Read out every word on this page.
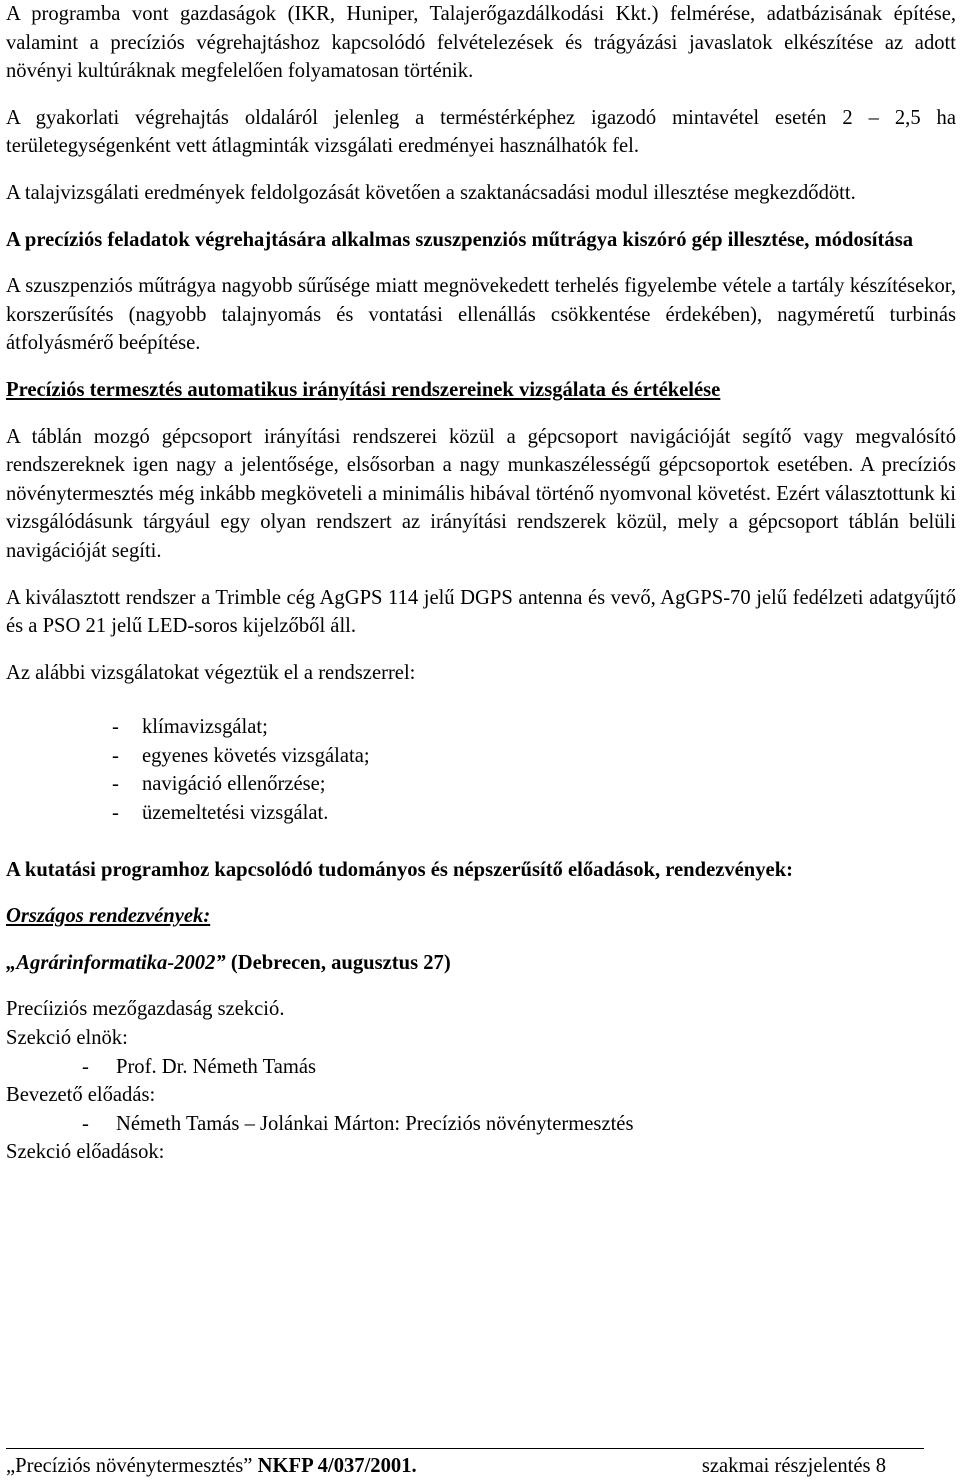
A programba vont gazdaságok (IKR, Huniper, Talajerőgazdálkodási Kkt.) felmérése, adatbázisának építése, valamint a precíziós végrehajtáshoz kapcsolódó felvételezések és trágyázási javaslatok elkészítése az adott növényi kultúráknak megfelelően folyamatosan történik.

A gyakorlati végrehajtás oldaláról jelenleg a terméstérképhez igazodó mintavétel esetén 2 – 2,5 ha területegységenként vett átlagminták vizsgálati eredményei használhatók fel.

A talajvizsgálati eredmények feldolgozását követően a szaktanácsadási modul illesztése megkezdődött.

A precíziós feladatok végrehajtására alkalmas szuszpenziós műtrágya kiszóró gép illesztése, módosítása

A szuszpenziós műtrágya nagyobb sűrűsége miatt megnövekedett terhelés figyelembe vétele a tartály készítésekor, korszerűsítés (nagyobb talajnyomás és vontatási ellenállás csökkentése érdekében), nagyméretű turbinás átfolyásmérő beépítése.

Precíziós termesztés automatikus irányítási rendszereinek vizsgálata és értékelése

A táblán mozgó gépcsoport irányítási rendszerei közül a gépcsoport navigációját segítő vagy megvalósító rendszereknek igen nagy a jelentősége, elsősorban a nagy munkaszélességű gépcsoportok esetében. A precíziós növénytermesztés még inkább megköveteli a minimális hibával történő nyomvonal követést. Ezért választottunk ki vizsgálódásunk tárgyául egy olyan rendszert az irányítási rendszerek közül, mely a gépcsoport táblán belüli navigációját segíti.

A kiválasztott rendszer a Trimble cég AgGPS 114 jelű DGPS antenna és vevő, AgGPS-70 jelű fedélzeti adatgyűjtő és a PSO 21 jelű LED-soros kijelzőből áll.

Az alábbi vizsgálatokat végeztük el a rendszerrel:

- klímavizsgálat;
- egyenes követés vizsgálata;
- navigáció ellenőrzése;
- üzemeltetési vizsgálat.

A kutatási programhoz kapcsolódó tudományos és népszerűsítő előadások, rendezvények:

Országos rendezvények:

„Agrárinformatika-2002” (Debrecen, augusztus 27)

Precíiziós mezőgazdaság szekció.

Szekció elnök:

- Prof. Dr. Németh Tamás

Bevezető előadás:

- Németh Tamás – Jolánkai Márton: Precíziós növénytermesztés

Szekció előadások:

„Precíziós növénytermesztés” NKFP 4/037/2001.	szakmai részjelentés 8
